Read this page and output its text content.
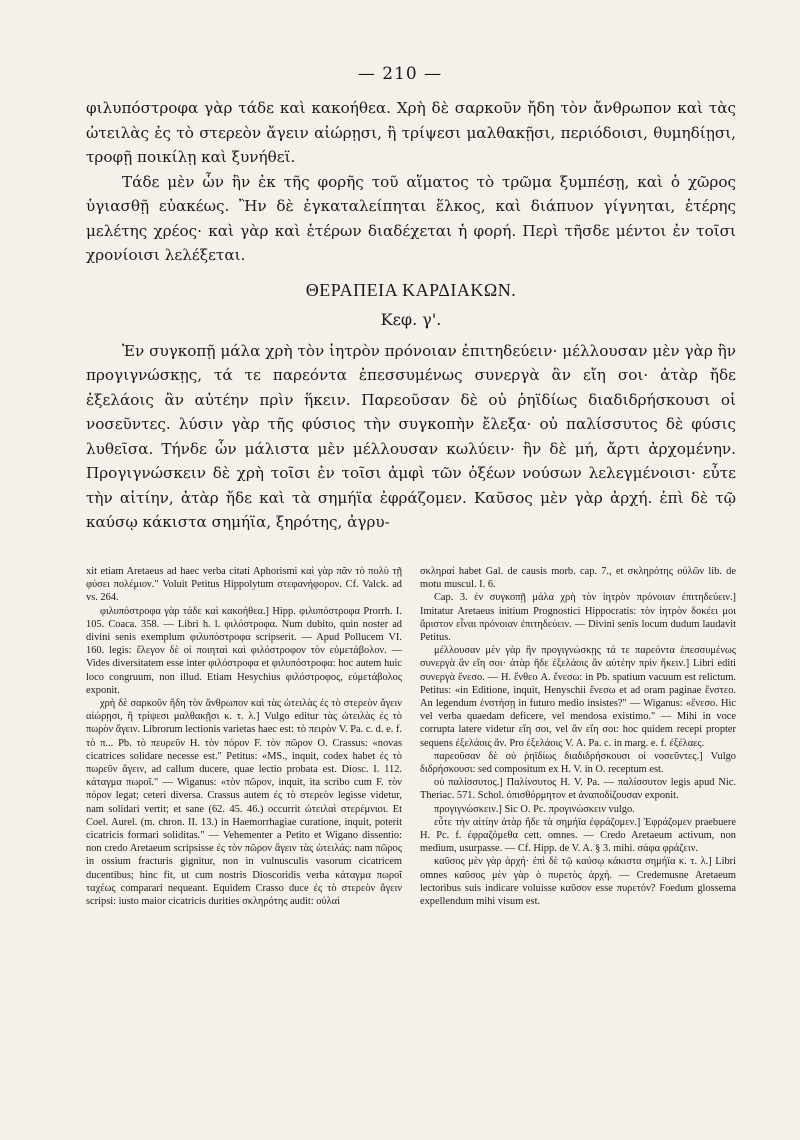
— 210 —

φιλυπόστροφα γὰρ τάδε καὶ κακοήθεα. Χρὴ δὲ σαρκοῦν ἤδη τὸν ἄνθρωπον καὶ τὰς ὠτειλὰς ἐς τὸ στερεὸν ἄγειν αἰώρῃσι, ἢ τρίψεσι μαλθακῇσι, περιόδοισι, θυμηδίῃσι, τροφῇ ποικίλῃ καὶ ξυνήθεϊ.

Τάδε μὲν ὧν ἢν ἐκ τῆς φορῆς τοῦ αἵματος τὸ τρῶμα ξυμπέσῃ, καὶ ὁ χῶρος ὑγιασθῇ εὐακέως. Ἢν δὲ ἐγκαταλείπηται ἕλκος, καὶ διάπυον γίγνηται, ἑτέρης μελέτης χρέος· καὶ γὰρ καὶ ἑτέρων διαδέχεται ἡ φορή. Περὶ τῆσδε μέντοι ἐν τοῖσι χρονίοισι λελέξεται.

ΘΕΡΑΠΕΙΑ ΚΑΡΔΙΑΚΩΝ.
Κεφ. γ'.

Ἐν συγκοπῇ μάλα χρὴ τὸν ἰητρὸν πρόνοιαν ἐπιτηδεύειν· μέλλουσαν μὲν γὰρ ἢν προγιγνώσκῃς, τά τε παρεόντα ἐπεσσυμένως συνεργὰ ἂν εἴη σοι· ἀτὰρ ἤδε ἐξελάοις ἂν αὐτέην πρὶν ἥκειν. Παρεοῦσαν δὲ οὐ ῥηϊδίως διαδιδρήσκουσι οἱ νοσεῦντες. λύσιν γὰρ τῆς φύσιος τὴν συγκοπὴν ἔλεξα· οὐ παλίσσυτος δὲ φύσις λυθεῖσα. Τήνδε ὧν μάλιστα μὲν μέλλουσαν κωλύειν· ἢν δὲ μή, ἄρτι ἀρχομένην. Προγιγνώσκειν δὲ χρὴ τοῖσι ἐν τοῖσι ἀμφὶ τῶν ὀξέων νούσων λελεγμένοισι· εὖτε τὴν αἰτίην, ἀτὰρ ἤδε καὶ τὰ σημήϊα ἐφράζομεν. Καῦσος μὲν γὰρ ἀρχή. ἐπὶ δὲ τῷ καύσῳ κάκιστα σημήϊα, ξηρότης, ἀγρυ-

xit etiam Aretaeus ad haec verba citati Aphorismi καὶ γὰρ πᾶν τὸ πολὺ τῇ φύσει πολέμιον." Voluit Petitus Hippolytum στεφανήφορον. Cf. Valck. ad vs. 264.

φιλυπόστροφα γὰρ τάδε καὶ κακοήθεα.] Hipp. φιλυπόστροφα Prorrh. I. 105. Coaca. 358. — Libri h. l. φιλόστροφα. Num dubito, quin noster ad divini senis exemplum φιλυπόστροφα scripserit. — Apud Pollucem VI. 160. legis: ἔλεγον δὲ οἱ ποιηταὶ καὶ φιλόστροφον τὸν εὐμετάβολον. — Vides diversitatem esse inter φιλόστροφα et φιλυπόστροφα: hoc autem huic loco congruum, non illud. Etiam Hesychius φιλόστροφος, εὐμετάβολος exponit.

χρὴ δὲ σαρκοῦν ἤδη τὸν ἄνθρωπον καὶ τὰς ὠτειλὰς ἐς τὸ στερεὸν ἄγειν αἰώρῃσι, ἢ τρίψεσι μαλθακῇσι κ. τ. λ.] Vulgo editur τὰς ὠτειλὰς ἐς τὸ πωρὸν ἄγειν. Librorum lectionis varietas haec est: τὸ πειρὸν V. Pa. c. d. e. f. τὸ π... Pb. τὸ πευρεῦν H. τὸν πόρον F. τὸν πῶρον O. Crassus: «novas cicatrices solidare necesse est." Petitus: «MS., inquit, codex habet ἐς τὸ πωρεῦν ἄγειν, ad callum ducere, quae lectio probata est. Diosc. I. 112. κάταγμα πωροῖ." — Wiganus: «τὸν πῶρον, inquit, ita scribo cum F. τὸν πόρον legat; ceteri diversa. Crassus autem ἐς τὸ στερεὸν legisse videtur, nam solidari vertit; et sane (62. 45. 46.) occurrit ὠτειλαὶ στερέμνιοι. Et Coel. Aurel. (m. chron. II. 13.) in Haemorrhagiae curatione, inquit, poterit cicatricis formari soliditas." — Vehementer a Petito et Wigano dissentio: non credo Aretaeum scripsisse ἐς τὸν πῶρον ἄγειν τὰς ὠτειλάς: nam πῶρος in ossium fracturis gignitur, non in vulnusculis vasorum cicatricem ducentibus; hinc fit, ut cum nostris Dioscoridis verba κάταγμα πωροῖ ταχέως comparari nequeant. Equidem Crasso duce ἐς τὸ στερεὸν ἄγειν scripsi: iusto maior cicatricis durities σκληρότης audit: οὐλαὶ

σκληραί habet Gal. de causis morb. cap. 7., et σκληρότης οὐλῶν lib. de motu muscul. I. 6.

Cap. 3. ἐν συγκοπῇ μάλα χρὴ τὸν ἰητρὸν πρόνοιαν ἐπιτηδεύειν.] Imitatur Aretaeus initium Prognostici Hippocratis: τὸν ἰητρὸν δοκέει μοι ἄριστον εἶναι πρόνοιαν ἐπιτηδεύειν. — Divini senis locum dudum laudavit Petitus.

μέλλουσαν μὲν γὰρ ἢν προγιγνώσκῃς τά τε παρεόντα ἐπεσσυμένως συνεργὰ ἂν εἴη σοι· ἀτὰρ ἤδε ἐξελάοις ἂν αὐτέην πρὶν ἥκειν.] Libri editi συνεργὰ ἔνεσο. — H. ἔνθεο A. ἔνεσω: in Pb. spatium vacuum est relictum. Petitus: «in Editione, inquit, Henyschii ἔνεσω et ad oram paginae ἔνστεο. An legendum ἐνστήσῃ in futuro medio insistes?" — Wiganus: «ἔνεσο. Hic vel verba quaedam deficere, vel mendosa existimo." — Mihi in voce corrupta latere videtur εἴη σοι, vel ἂν εἴη σοι: hoc quidem recepi propter sequens ἐξελάοις ἄν. Pro ἐξελάοις V. A. Pa. c. in marg. e. f. ἐξέλαες.

παρεοῦσαν δὲ οὐ ῥηϊδίως διαδιδρήσκουσι οἱ νοσεῦντες.] Vulgo διδρήσκουσι: sed compositum ex H. V. in O. receptum est.

οὐ παλίσσυτος.] Παλίνσυτος H. V. Pa. — παλίσσυτον legis apud Nic. Theriac. 571. Schol. ὀπισθόρμητον et ἀναποδίζουσαν exponit.

προγιγνώσκειν.] Sic O. Pc. προγινώσκειν vulgo.

εὖτε τὴν αἰτίην ἀτὰρ ἤδε τὰ σημήϊα ἐφράζομεν.] Ἐφράζομεν praebuere H. Pc. f. ἐφραζόμεθα cett. omnes. — Credo Aretaeum activum, non medium, usurpasse. — Cf. Hipp. de V. A. § 3. mihi. σάφα φράζειν.

καῦσος μὲν γὰρ ἀρχή· ἐπὶ δὲ τῷ καύσῳ κάκιστα σημήϊα κ. τ. λ.] Libri omnes καῦσος μὲν γὰρ ὁ πυρετὸς ἀρχή. — Credemusne Aretaeum lectoribus suis indicare voluisse καῦσον esse πυρετόν? Foedum glossema expellendum mihi visum est.
